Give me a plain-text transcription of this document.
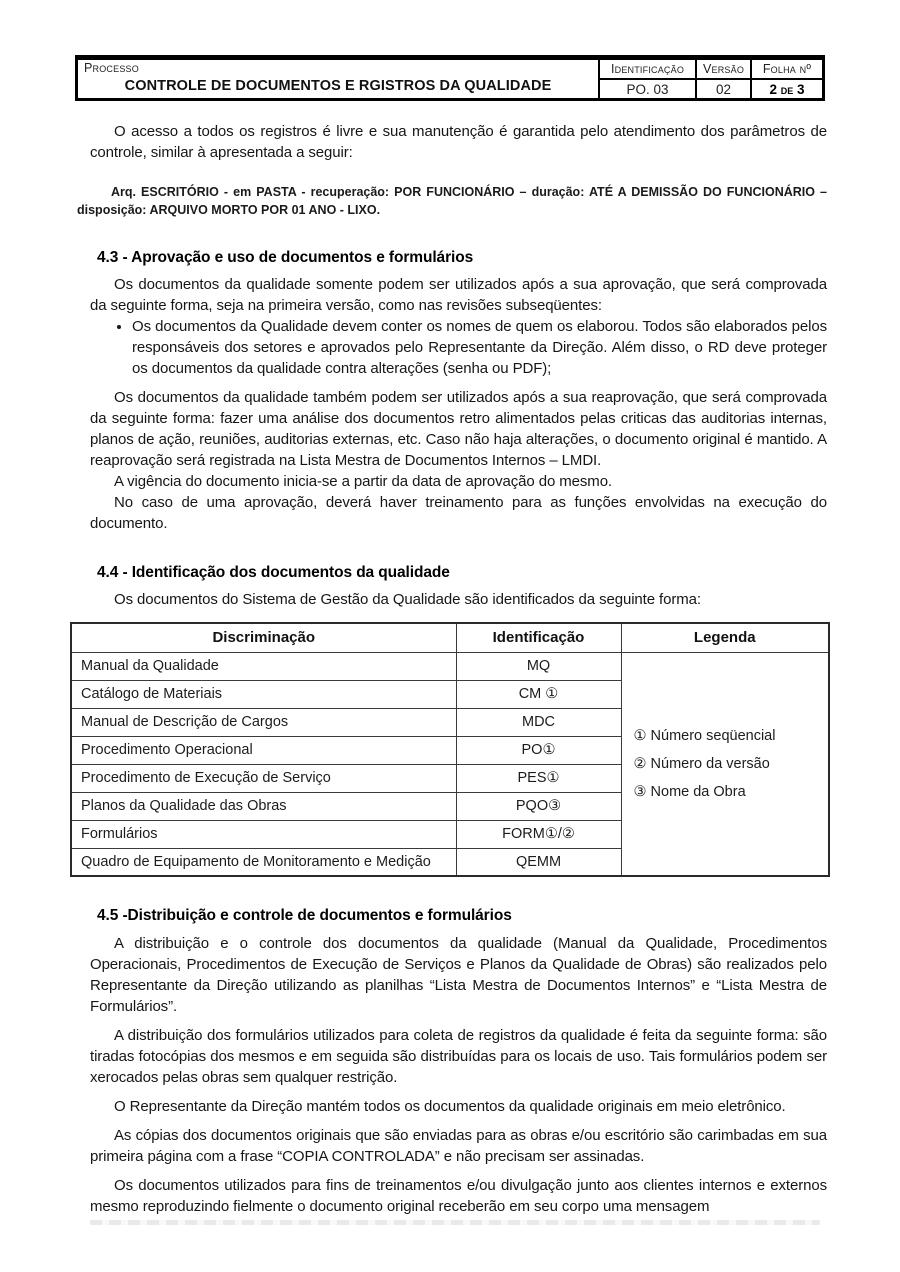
Processo
CONTROLE DE DOCUMENTOS E RGISTROS DA QUALIDADE
Identificação	Versão	Folha nº
PO. 03	02	2 de 3

O acesso a todos os registros é livre e sua manutenção é garantida pelo atendimento dos parâmetros de controle, similar à apresentada a seguir:

Arq. ESCRITÓRIO - em PASTA - recuperação: POR FUNCIONÁRIO – duração: ATÉ A DEMISSÃO DO FUNCIONÁRIO – disposição: ARQUIVO MORTO POR 01 ANO - LIXO.

4.3 - Aprovação e uso de documentos e formulários

Os documentos da qualidade somente podem ser utilizados após a sua aprovação, que será comprovada da seguinte forma, seja na primeira versão, como nas revisões subseqüentes:

• Os documentos da Qualidade devem conter os nomes de quem os elaborou. Todos são elaborados pelos responsáveis dos setores e aprovados pelo Representante da Direção. Além disso, o RD deve proteger os documentos da qualidade contra alterações (senha ou PDF);

Os documentos da qualidade também podem ser utilizados após a sua reaprovação, que será comprovada da seguinte forma: fazer uma análise dos documentos retro alimentados pelas criticas das auditorias internas, planos de ação, reuniões, auditorias externas, etc. Caso não haja alterações, o documento original é mantido. A reaprovação será registrada na Lista Mestra de Documentos Internos – LMDI.

A vigência do documento inicia-se a partir da data de aprovação do mesmo.

No caso de uma aprovação, deverá haver treinamento para as funções envolvidas na execução do documento.

4.4 - Identificação dos documentos da qualidade

Os documentos do Sistema de Gestão da Qualidade são identificados da seguinte forma:

Discriminação	Identificação	Legenda
Manual da Qualidade	MQ	① Número seqüencial
② Número da versão
③ Nome da Obra

Catálogo de Materiais	CM ①	
Manual de Descrição de Cargos	MDC	
Procedimento Operacional	PO①	
Procedimento de Execução de Serviço	PES①	
Planos da Qualidade das Obras	PQO③	
Formulários	FORM①/②	
Quadro de Equipamento de Monitoramento e Medição	QEMM	
4.5 -Distribuição e controle de documentos e formulários

A distribuição e o controle dos documentos da qualidade (Manual da Qualidade, Procedimentos Operacionais, Procedimentos de Execução de Serviços e Planos da Qualidade de Obras) são realizados pelo Representante da Direção utilizando as planilhas “Lista Mestra de Documentos Internos” e “Lista Mestra de Formulários”.

A distribuição dos formulários utilizados para coleta de registros da qualidade é feita da seguinte forma: são tiradas fotocópias dos mesmos e em seguida são distribuídas para os locais de uso. Tais formulários podem ser xerocados pelas obras sem qualquer restrição.

O Representante da Direção mantém todos os documentos da qualidade originais em meio eletrônico.

As cópias dos documentos originais que são enviadas para as obras e/ou escritório são carimbadas em sua primeira página com a frase “COPIA CONTROLADA” e não precisam ser assinadas.

Os documentos utilizados para fins de treinamentos e/ou divulgação junto aos clientes internos e externos mesmo reproduzindo fielmente o documento original receberão em seu corpo uma mensagem
